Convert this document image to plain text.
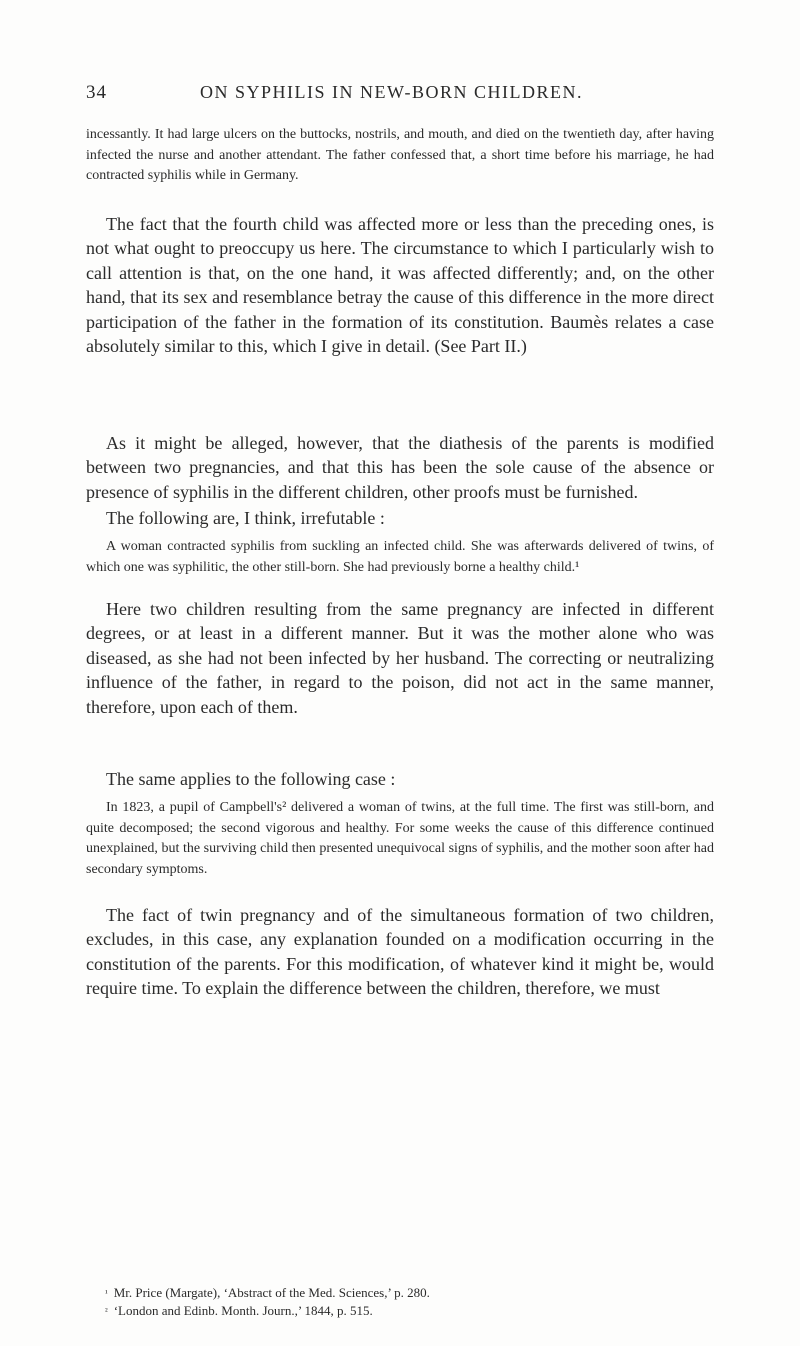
34	ON SYPHILIS IN NEW-BORN CHILDREN.

incessantly. It had large ulcers on the buttocks, nostrils, and mouth, and died on the twentieth day, after having infected the nurse and another attendant. The father confessed that, a short time before his marriage, he had contracted syphilis while in Germany.

The fact that the fourth child was affected more or less than the preceding ones, is not what ought to preoccupy us here. The circumstance to which I particularly wish to call attention is that, on the one hand, it was affected differently; and, on the other hand, that its sex and resemblance betray the cause of this difference in the more direct participation of the father in the formation of its constitution. Baumès relates a case absolutely similar to this, which I give in detail. (See Part II.)

As it might be alleged, however, that the diathesis of the parents is modified between two pregnancies, and that this has been the sole cause of the absence or presence of syphilis in the different children, other proofs must be furnished.

The following are, I think, irrefutable :

A woman contracted syphilis from suckling an infected child. She was afterwards delivered of twins, of which one was syphilitic, the other still-born. She had previously borne a healthy child.¹

Here two children resulting from the same pregnancy are infected in different degrees, or at least in a different manner. But it was the mother alone who was diseased, as she had not been infected by her husband. The correcting or neutralizing influence of the father, in regard to the poison, did not act in the same manner, therefore, upon each of them.

The same applies to the following case :

In 1823, a pupil of Campbell's² delivered a woman of twins, at the full time. The first was still-born, and quite decomposed; the second vigorous and healthy. For some weeks the cause of this difference continued unexplained, but the surviving child then presented unequivocal signs of syphilis, and the mother soon after had secondary symptoms.

The fact of twin pregnancy and of the simultaneous formation of two children, excludes, in this case, any explanation founded on a modification occurring in the constitution of the parents. For this modification, of whatever kind it might be, would require time. To explain the difference between the children, therefore, we must

$^{^1}$ Mr. Price (Margate), ‘Abstract of the Med. Sciences,’ p. 280.

$^{^2}$ ‘London and Edinb. Month. Journ.,’ 1844, p. 515.
